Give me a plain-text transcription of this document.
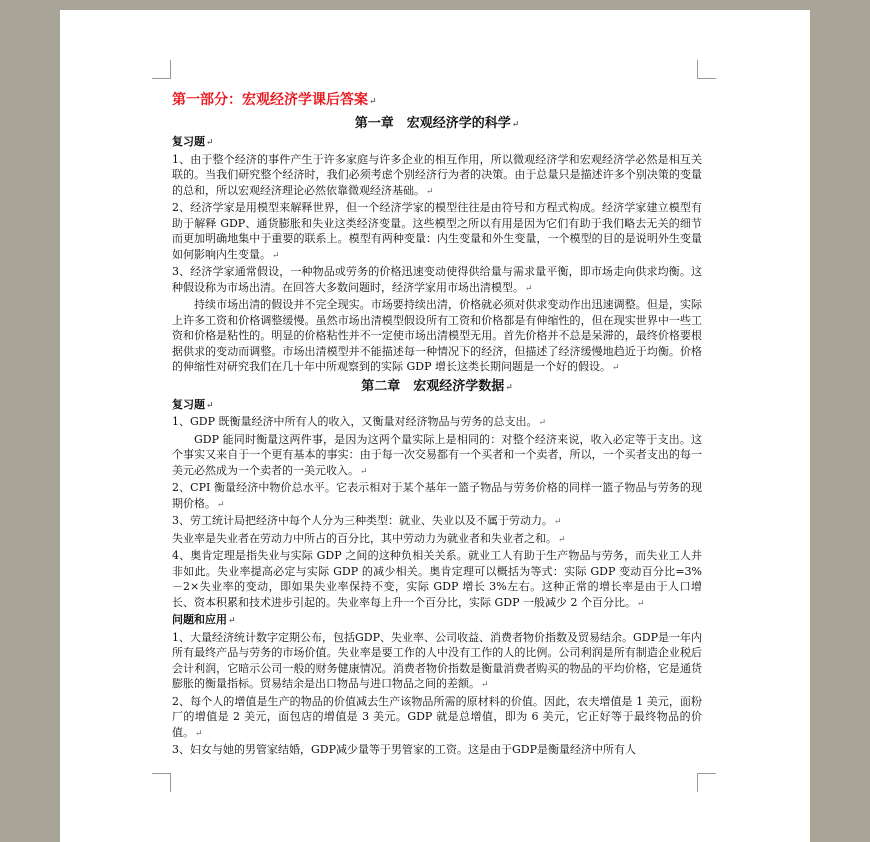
第一部分：宏观经济学课后答案↵

第一章　宏观经济学的科学↵

复习题↵

1、由于整个经济的事件产生于许多家庭与许多企业的相互作用，所以微观经济学和宏观经济学必然是相互关联的。当我们研究整个经济时，我们必须考虑个别经济行为者的决策。由于总量只是描述许多个别决策的变量的总和，所以宏观经济理论必然依靠微观经济基础。↵

2、经济学家是用模型来解释世界，但一个经济学家的模型往往是由符号和方程式构成。经济学家建立模型有助于解释 GDP、通货膨胀和失业这类经济变量。这些模型之所以有用是因为它们有助于我们略去无关的细节而更加明确地集中于重要的联系上。模型有两种变量：内生变量和外生变量，一个模型的目的是说明外生变量如何影响内生变量。↵

3、经济学家通常假设，一种物品或劳务的价格迅速变动使得供给量与需求量平衡，即市场走向供求均衡。这种假设称为市场出清。在回答大多数问题时，经济学家用市场出清模型。↵

持续市场出清的假设并不完全现实。市场要持续出清，价格就必须对供求变动作出迅速调整。但是，实际上许多工资和价格调整缓慢。虽然市场出清模型假设所有工资和价格都是有伸缩性的，但在现实世界中一些工资和价格是粘性的。明显的价格粘性并不一定使市场出清模型无用。首先价格并不总是呆滞的，最终价格要根据供求的变动而调整。市场出清模型并不能描述每一种情况下的经济，但描述了经济缓慢地趋近于均衡。价格的伸缩性对研究我们在几十年中所观察到的实际 GDP 增长这类长期问题是一个好的假设。↵

第二章　宏观经济学数据↵

复习题↵

1、GDP 既衡量经济中所有人的收入，又衡量对经济物品与劳务的总支出。↵

GDP 能同时衡量这两件事，是因为这两个量实际上是相同的：对整个经济来说，收入必定等于支出。这个事实又来自于一个更有基本的事实：由于每一次交易都有一个买者和一个卖者，所以，一个买者支出的每一美元必然成为一个卖者的一美元收入。↵

2、CPI 衡量经济中物价总水平。它表示相对于某个基年一篮子物品与劳务价格的同样一篮子物品与劳务的现期价格。↵

3、劳工统计局把经济中每个人分为三种类型：就业、失业以及不属于劳动力。↵

失业率是失业者在劳动力中所占的百分比，其中劳动力为就业者和失业者之和。↵

4、奥肯定理是指失业与实际 GDP 之间的这种负相关关系。就业工人有助于生产物品与劳务，而失业工人并非如此。失业率提高必定与实际 GDP 的减少相关。奥肯定理可以概括为等式：实际 GDP 变动百分比=3%－2×失业率的变动，即如果失业率保持不变，实际 GDP 增长 3%左右。这种正常的增长率是由于人口增长、资本积累和技术进步引起的。失业率每上升一个百分比，实际 GDP 一般减少 2 个百分比。↵

问题和应用↵

1、大量经济统计数字定期公布，包括GDP、失业率、公司收益、消费者物价指数及贸易结余。GDP是一年内所有最终产品与劳务的市场价值。失业率是要工作的人中没有工作的人的比例。公司利润是所有制造企业税后会计利润，它暗示公司一般的财务健康情况。消费者物价指数是衡量消费者购买的物品的平均价格，它是通货膨胀的衡量指标。贸易结余是出口物品与进口物品之间的差额。↵

2、每个人的增值是生产的物品的价值减去生产该物品所需的原材料的价值。因此，农夫增值是 1 美元，面粉厂的增值是 2 美元，面包店的增值是 3 美元。GDP 就是总增值，即为 6 美元，它正好等于最终物品的价值。↵

3、妇女与她的男管家结婚，GDP减少量等于男管家的工资。这是由于GDP是衡量经济中所有人
